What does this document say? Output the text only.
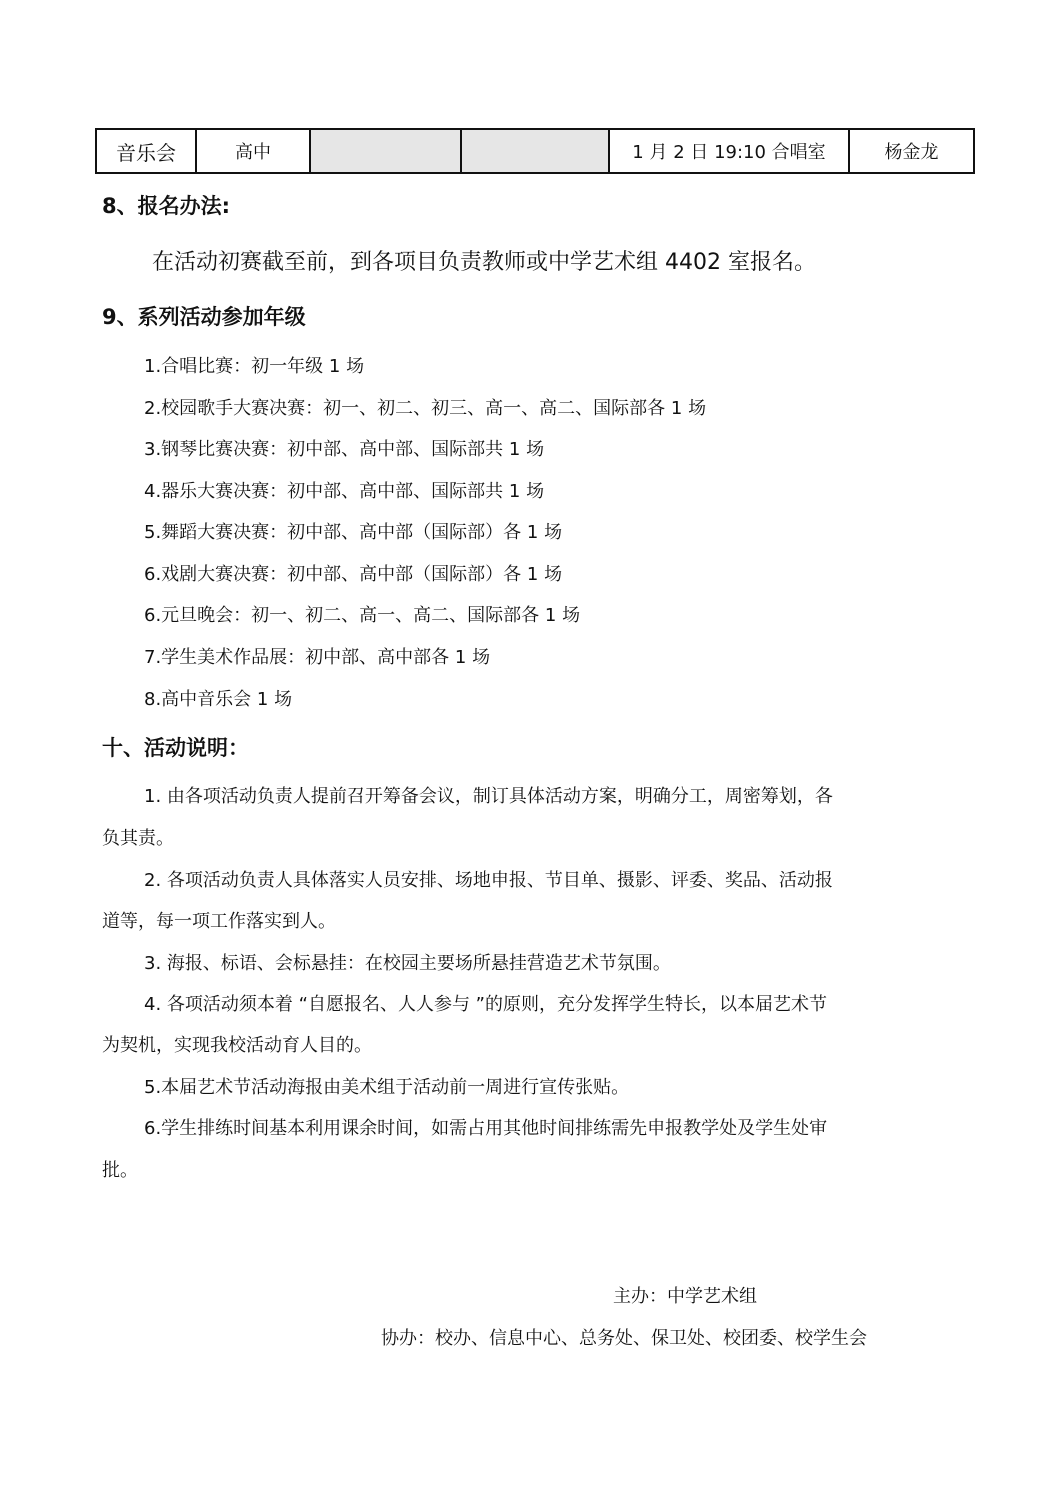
音乐会	高中			1 月 2 日 19:10 合唱室	杨金龙
8、报名办法:
在活动初赛截至前，到各项目负责教师或中学艺术组 4402 室报名。
9、系列活动参加年级
1.合唱比赛：初一年级 1 场
2.校园歌手大赛决赛：初一、初二、初三、高一、高二、国际部各 1 场
3.钢琴比赛决赛：初中部、高中部、国际部共 1 场
4.器乐大赛决赛：初中部、高中部、国际部共 1 场
5.舞蹈大赛决赛：初中部、高中部（国际部）各 1 场
6.戏剧大赛决赛：初中部、高中部（国际部）各 1 场
6.元旦晚会：初一、初二、高一、高二、国际部各 1 场
7.学生美术作品展：初中部、高中部各 1 场
8.高中音乐会 1 场
十、活动说明：
1. 由各项活动负责人提前召开筹备会议，制订具体活动方案，明确分工，周密筹划，各
负其责。
2. 各项活动负责人具体落实人员安排、场地申报、节目单、摄影、评委、奖品、活动报
道等，每一项工作落实到人。
3. 海报、标语、会标悬挂：在校园主要场所悬挂营造艺术节氛围。
4. 各项活动须本着 “自愿报名、人人参与 ”的原则，充分发挥学生特长，以本届艺术节
为契机，实现我校活动育人目的。
5.本届艺术节活动海报由美术组于活动前一周进行宣传张贴。
6.学生排练时间基本利用课余时间，如需占用其他时间排练需先申报教学处及学生处审
批。
主办：中学艺术组
协办：校办、信息中心、总务处、保卫处、校团委、校学生会
